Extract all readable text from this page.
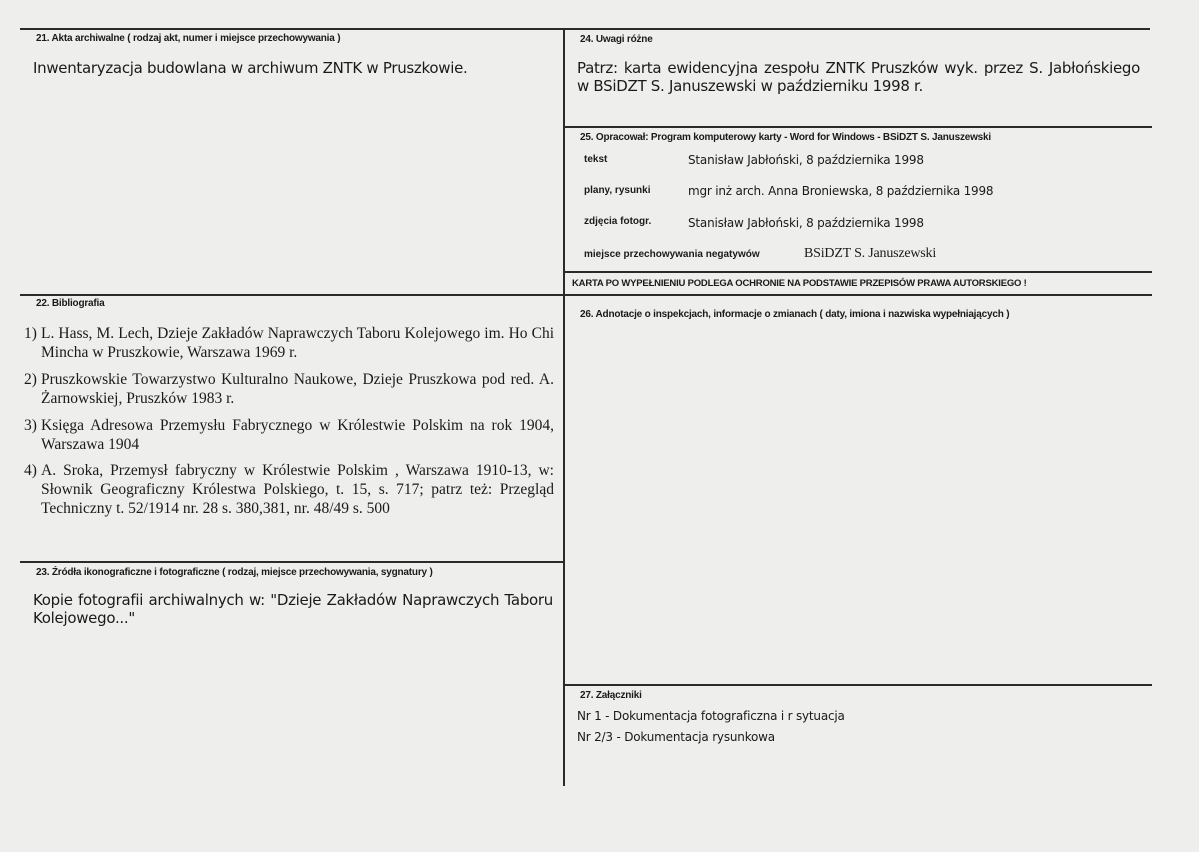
21. Akta archiwalne ( rodzaj akt, numer i miejsce przechowywania )
Inwentaryzacja budowlana w archiwum ZNTK w Pruszkowie.
22. Bibliografia
1) L. Hass, M. Lech, Dzieje Zakładów Naprawczych Taboru Kolejowego im. Ho Chi Mincha w Pruszkowie, Warszawa 1969 r.
2) Pruszkowskie Towarzystwo Kulturalno Naukowe, Dzieje Pruszkowa pod red. A. Żarnowskiej, Pruszków 1983 r.
3) Księga Adresowa Przemysłu Fabrycznego w Królestwie Polskim na rok 1904, Warszawa 1904
4) A. Sroka, Przemysł fabryczny w Królestwie Polskim , Warszawa 1910-13, w: Słownik Geograficzny Królestwa Polskiego, t. 15, s. 717; patrz też: Przegląd Techniczny t. 52/1914 nr. 28 s. 380,381, nr. 48/49 s. 500
23. Źródła ikonograficzne i fotograficzne ( rodzaj, miejsce przechowywania, sygnatury )
Kopie fotografii archiwalnych w: "Dzieje Zakładów Naprawczych Taboru Kolejowego..."
24. Uwagi różne
Patrz: karta ewidencyjna zespołu ZNTK Pruszków wyk. przez S. Jabłońskiego w BSiDZT S. Januszewski w październiku 1998 r.
25. Opracował: Program komputerowy karty - Word for Windows - BSiDZT S. Januszewski
tekst	Stanisław Jabłoński, 8 października 1998
plany, rysunki	mgr inż arch. Anna Broniewska, 8 października 1998
zdjęcia fotogr.	Stanisław Jabłoński, 8 października 1998
miejsce przechowywania negatywów	BSiDZT S. Januszewski
KARTA PO WYPEŁNIENIU PODLEGA OCHRONIE NA PODSTAWIE PRZEPISÓW PRAWA AUTORSKIEGO !
26. Adnotacje o inspekcjach, informacje o zmianach ( daty, imiona i nazwiska wypełniających )
27. Załączniki
Nr 1 - Dokumentacja fotograficzna i r sytuacja
Nr 2/3 - Dokumentacja rysunkowa
